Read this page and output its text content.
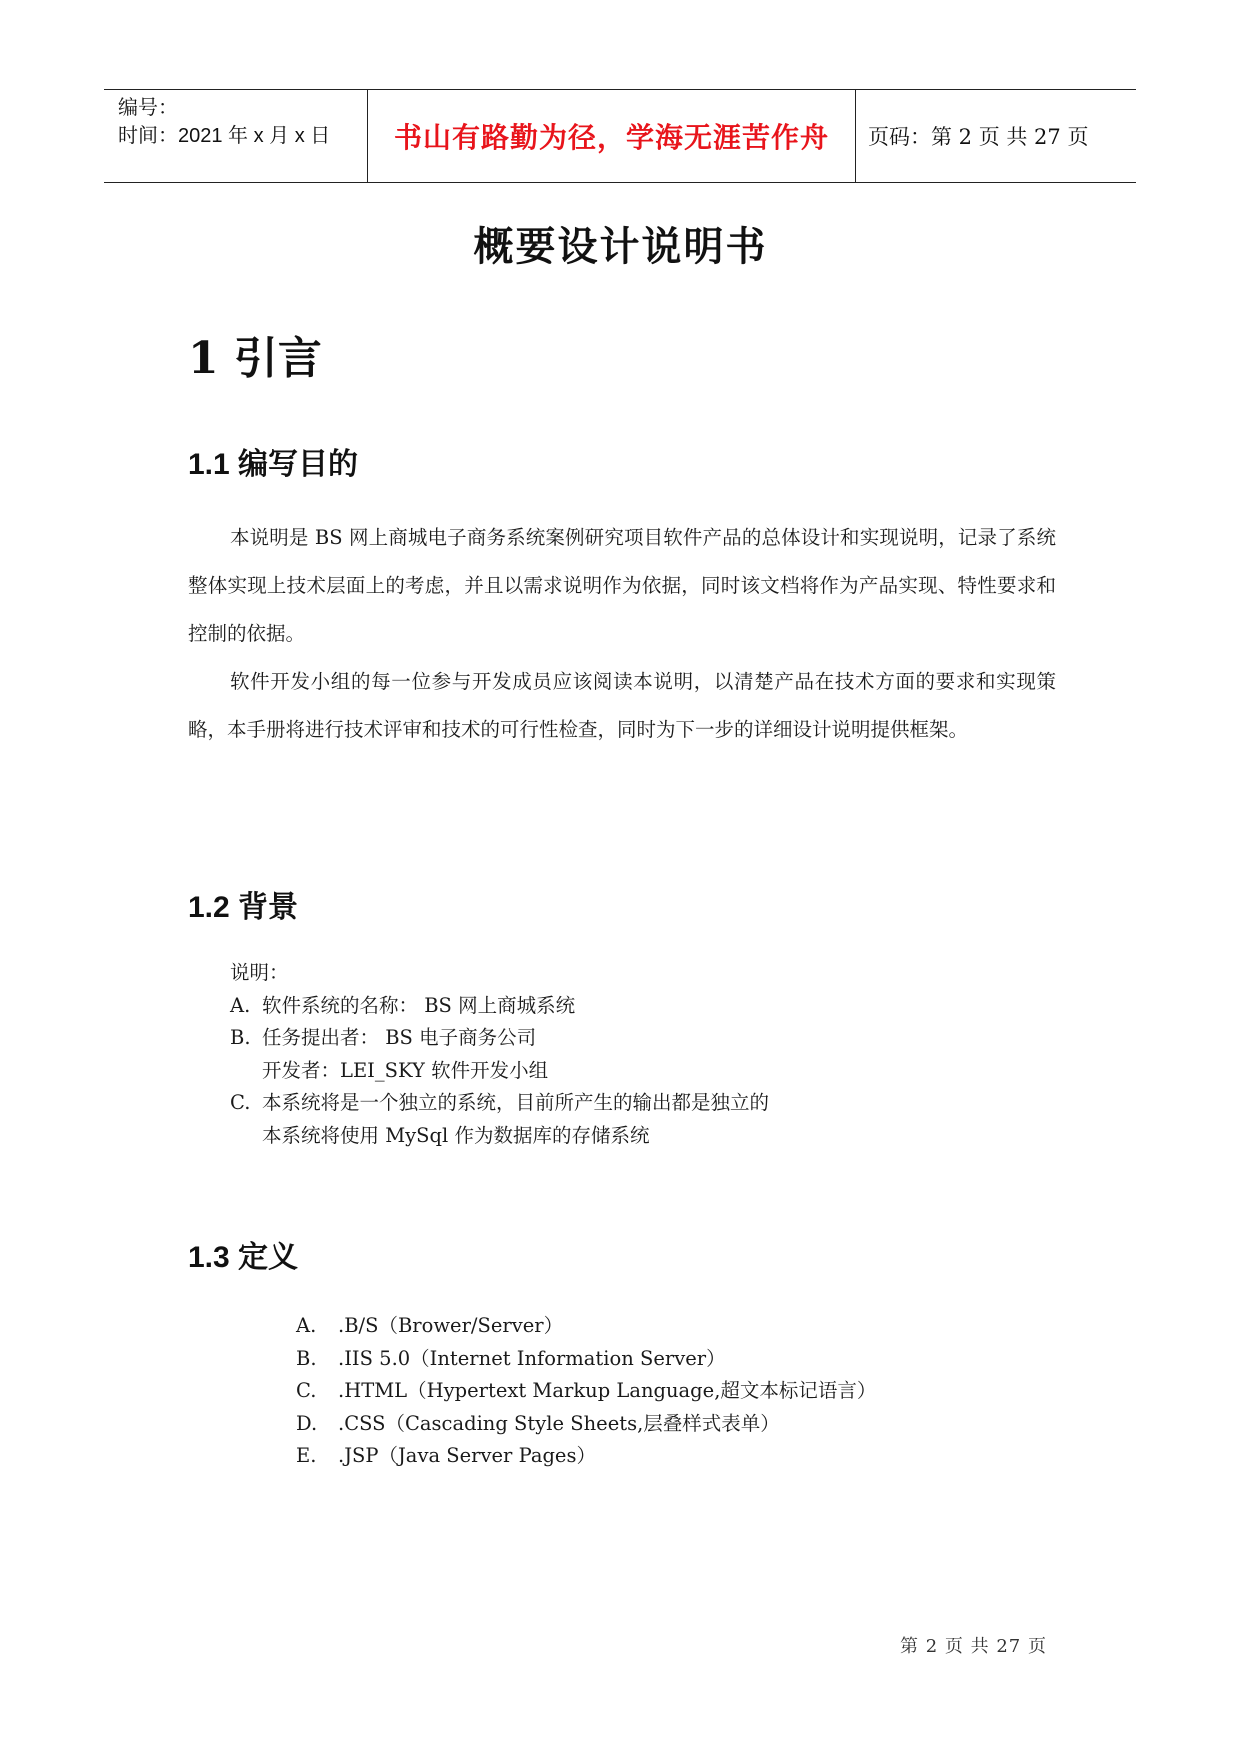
编号：
时间：2021 年 x 月 x 日	书山有路勤为径，学海无涯苦作舟	页码：第 2 页 共 27 页
概要设计说明书
1 引言
1.1 编写目的
本说明是 BS 网上商城电子商务系统案例研究项目软件产品的总体设计和实现说明，记录了系统整体实现上技术层面上的考虑，并且以需求说明作为依据，同时该文档将作为产品实现、特性要求和控制的依据。
软件开发小组的每一位参与开发成员应该阅读本说明，以清楚产品在技术方面的要求和实现策略，本手册将进行技术评审和技术的可行性检查，同时为下一步的详细设计说明提供框架。
1.2 背景
说明：
A. 软件系统的名称： BS 网上商城系统
B. 任务提出者： BS 电子商务公司
开发者：LEI_SKY 软件开发小组
C. 本系统将是一个独立的系统，目前所产生的输出都是独立的
本系统将使用 MySql 作为数据库的存储系统
1.3 定义
A.	.B/S（Brower/Server）
B.	.IIS 5.0（Internet Information Server）
C.	.HTML（Hypertext Markup Language,超文本标记语言）
D.	.CSS（Cascading Style Sheets,层叠样式表单）
E.	.JSP（Java Server Pages）
第 2 页 共 27 页
